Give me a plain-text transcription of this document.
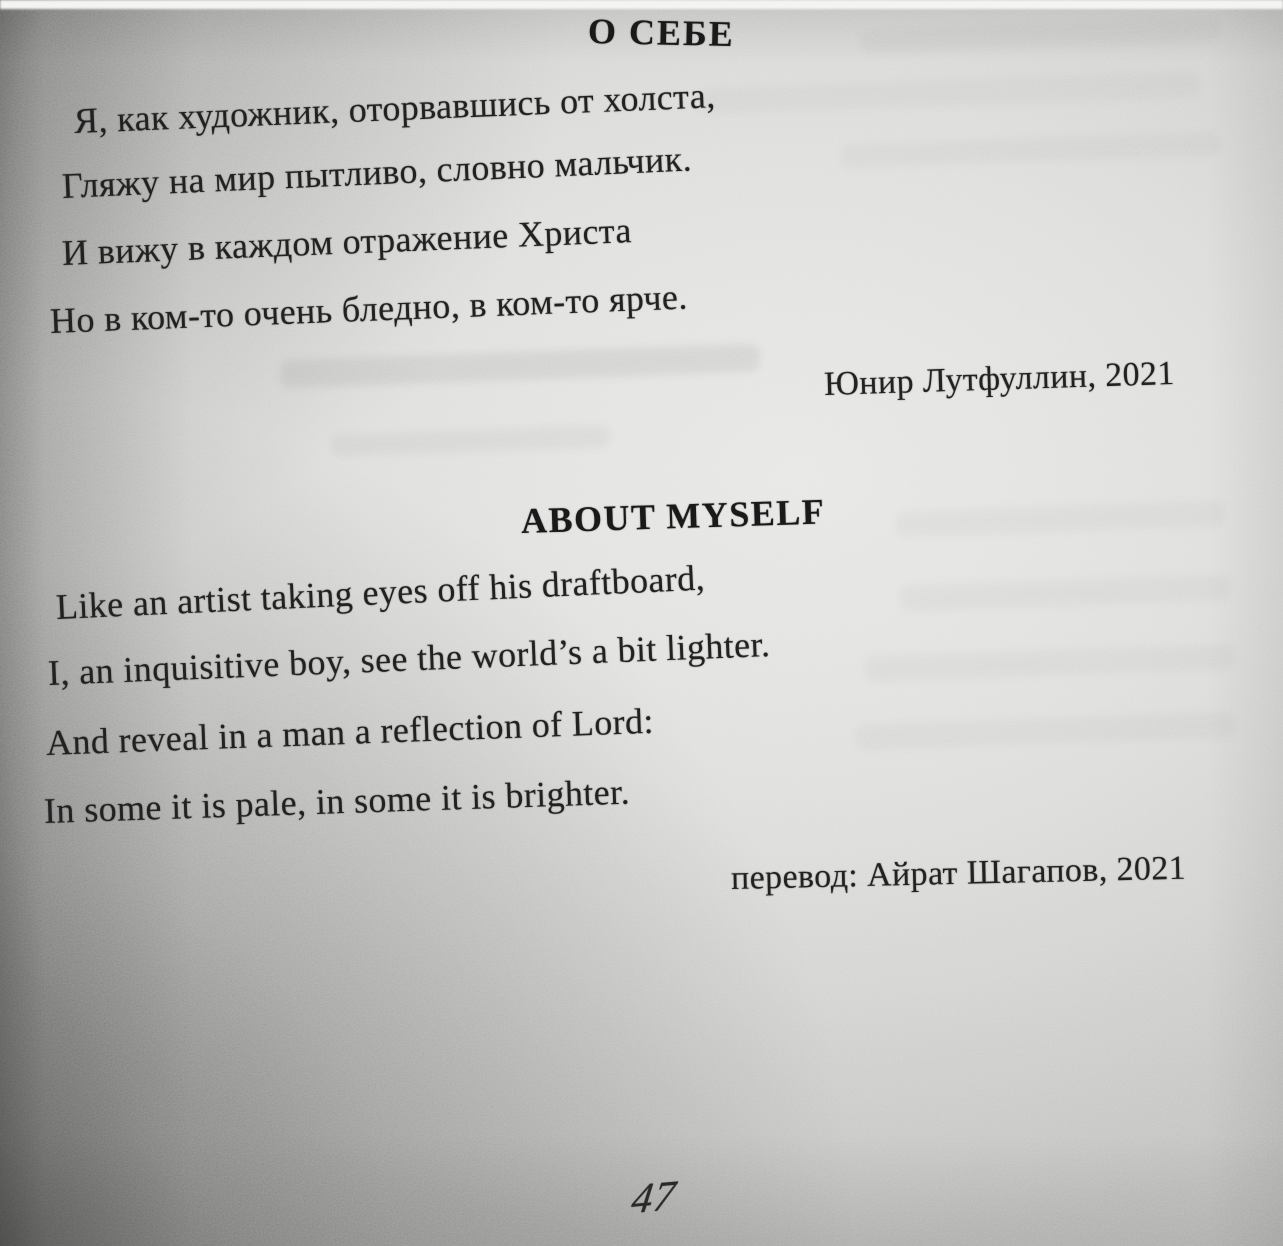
О СЕБЕ
Я, как художник, оторвавшись от холста,
Гляжу на мир пытливо, словно мальчик.
И вижу в каждом отражение Христа
Но в ком-то очень бледно, в ком-то ярче.
Юнир Лутфуллин, 2021
ABOUT MYSELF
Like an artist taking eyes off his draftboard,
I, an inquisitive boy, see the world’s a bit lighter.
And reveal in a man a reflection of Lord:
In some it is pale, in some it is brighter.
перевод: Айрат Шагапов, 2021
47
